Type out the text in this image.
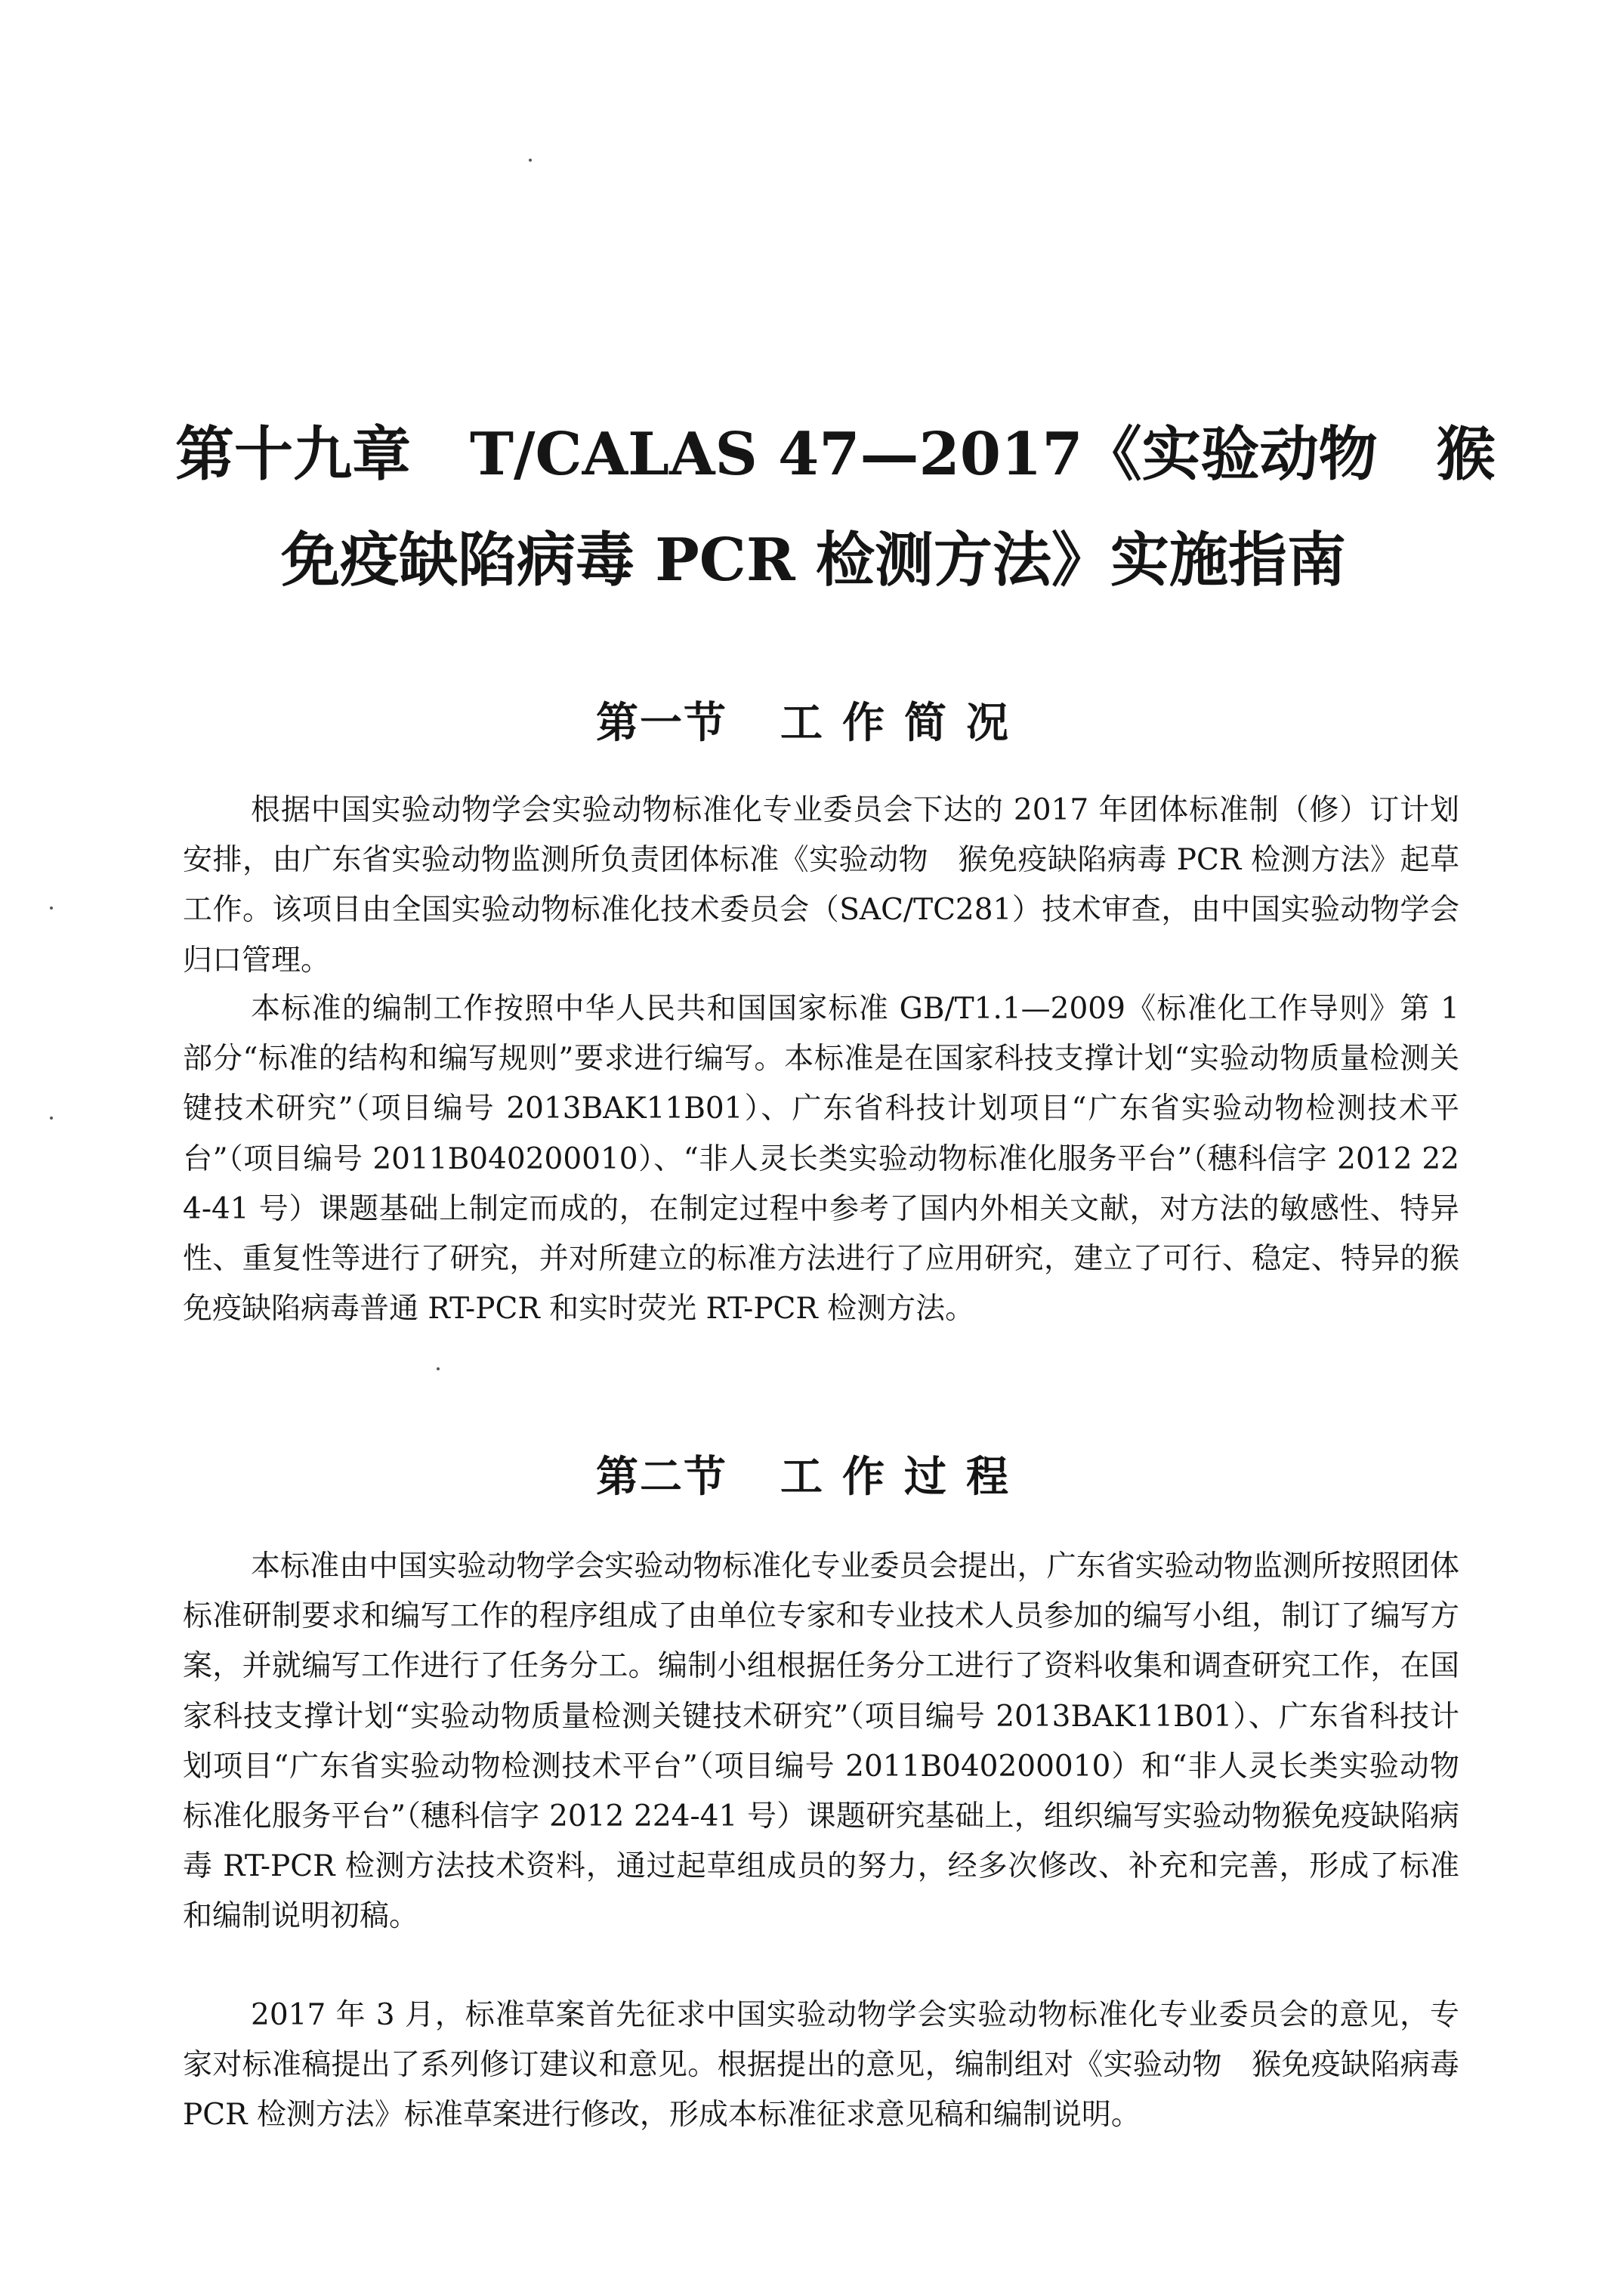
第十九章　T/CALAS 47—2017《实验动物　猴
免疫缺陷病毒 PCR 检测方法》实施指南
第一节 工作简况

根据中国实验动物学会实验动物标准化专业委员会下达的 2017 年团体标准制（修）订计划安排，由广东省实验动物监测所负责团体标准《实验动物　猴免疫缺陷病毒 PCR 检测方法》起草工作。该项目由全国实验动物标准化技术委员会（SAC/TC281）技术审查，由中国实验动物学会归口管理。

本标准的编制工作按照中华人民共和国国家标准 GB/T1.1—2009《标准化工作导则》第 1 部分“标准的结构和编写规则”要求进行编写。本标准是在国家科技支撑计划“实验动物质量检测关键技术研究”（项目编号 2013BAK11B01）、广东省科技计划项目“广东省实验动物检测技术平台”（项目编号 2011B040200010）、“非人灵长类实验动物标准化服务平台”（穗科信字 2012 224-41 号）课题基础上制定而成的，在制定过程中参考了国内外相关文献，对方法的敏感性、特异性、重复性等进行了研究，并对所建立的标准方法进行了应用研究，建立了可行、稳定、特异的猴免疫缺陷病毒普通 RT-PCR 和实时荧光 RT-PCR 检测方法。

第二节 工作过程

本标准由中国实验动物学会实验动物标准化专业委员会提出，广东省实验动物监测所按照团体标准研制要求和编写工作的程序组成了由单位专家和专业技术人员参加的编写小组，制订了编写方案，并就编写工作进行了任务分工。编制小组根据任务分工进行了资料收集和调查研究工作，在国家科技支撑计划“实验动物质量检测关键技术研究”（项目编号 2013BAK11B01）、广东省科技计划项目“广东省实验动物检测技术平台”（项目编号 2011B040200010）和“非人灵长类实验动物标准化服务平台”（穗科信字 2012 224-41 号）课题研究基础上，组织编写实验动物猴免疫缺陷病毒 RT-PCR 检测方法技术资料，通过起草组成员的努力，经多次修改、补充和完善，形成了标准和编制说明初稿。

2017 年 3 月，标准草案首先征求中国实验动物学会实验动物标准化专业委员会的意见，专家对标准稿提出了系列修订建议和意见。根据提出的意见，编制组对《实验动物　猴免疫缺陷病毒 PCR 检测方法》标准草案进行修改，形成本标准征求意见稿和编制说明。
